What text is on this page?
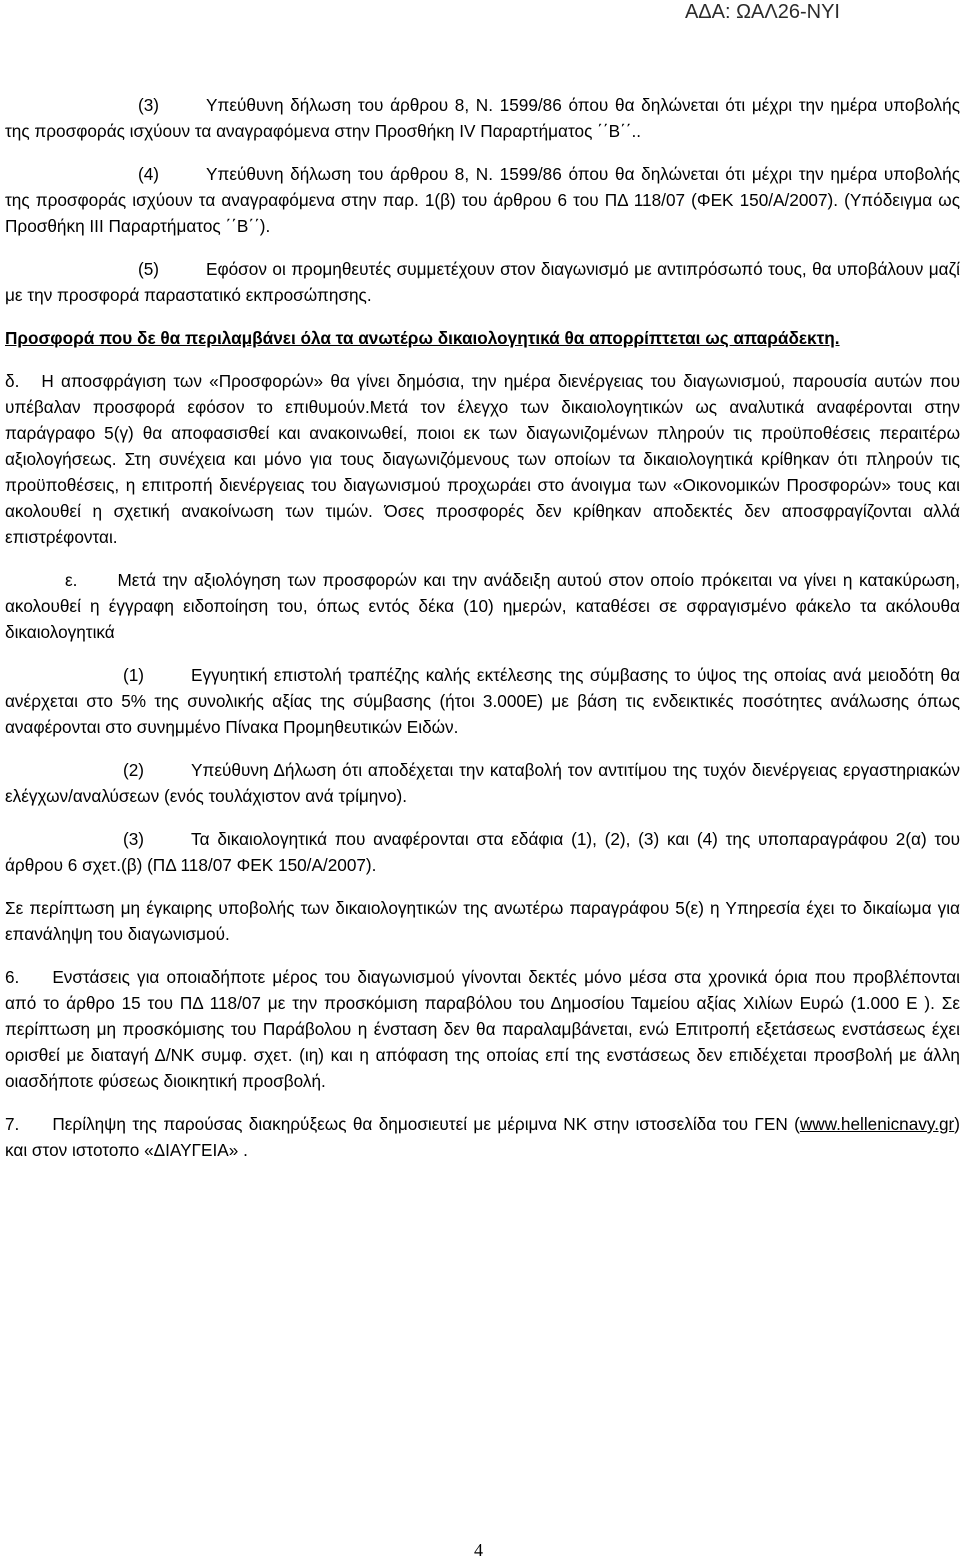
ΑΔΑ: ΩΑΛ26-ΝΥΙ

(3)	Υπεύθυνη δήλωση του άρθρου 8, Ν. 1599/86 όπου θα δηλώνεται ότι μέχρι την ημέρα υποβολής της προσφοράς ισχύουν τα αναγραφόμενα στην Προσθήκη IV Παραρτήματος ΄΄Β΄΄..

(4)	Υπεύθυνη δήλωση του άρθρου 8, Ν. 1599/86 όπου θα δηλώνεται ότι μέχρι την ημέρα υποβολής της προσφοράς ισχύουν τα αναγραφόμενα στην παρ. 1(β) του άρθρου 6 του ΠΔ 118/07 (ΦΕΚ 150/Α/2007). (Υπόδειγμα ως Προσθήκη ΙΙΙ Παραρτήματος ΄΄Β΄΄).

(5)	Εφόσον οι προμηθευτές συμμετέχουν στον διαγωνισμό με αντιπρόσωπό τους, θα υποβάλουν μαζί με την προσφορά παραστατικό εκπροσώπησης.

Προσφορά που δε θα περιλαμβάνει όλα τα ανωτέρω δικαιολογητικά θα απορρίπτεται ως απαράδεκτη.

δ. Η αποσφράγιση των «Προσφορών» θα γίνει δημόσια, την ημέρα διενέργειας του διαγωνισμού, παρουσία αυτών που υπέβαλαν προσφορά εφόσον το επιθυμούν.Μετά τον έλεγχο των δικαιολογητικών ως αναλυτικά αναφέρονται στην παράγραφο 5(γ) θα αποφασισθεί και ανακοινωθεί, ποιοι εκ των διαγωνιζομένων πληρούν τις προϋποθέσεις περαιτέρω αξιολογήσεως. Στη συνέχεια και μόνο για τους διαγωνιζόμενους των οποίων τα δικαιολογητικά κρίθηκαν ότι πληρούν τις προϋποθέσεις, η επιτροπή διενέργειας του διαγωνισμού προχωράει στο άνοιγμα των «Οικονομικών Προσφορών» τους και ακολουθεί η σχετική ανακοίνωση των τιμών. Όσες προσφορές δεν κρίθηκαν αποδεκτές δεν αποσφραγίζονται αλλά επιστρέφονται.

ε. Μετά την αξιολόγηση των προσφορών και την ανάδειξη αυτού στον οποίο πρόκειται να γίνει η κατακύρωση, ακολουθεί η έγγραφη ειδοποίηση του, όπως εντός δέκα (10) ημερών, καταθέσει σε σφραγισμένο φάκελο τα ακόλουθα δικαιολογητικά

(1)	Εγγυητική επιστολή τραπέζης καλής εκτέλεσης της σύμβασης το ύψος της οποίας ανά μειοδότη θα ανέρχεται στο 5% της συνολικής αξίας της σύμβασης (ήτοι 3.000Ε) με βάση τις ενδεικτικές ποσότητες ανάλωσης όπως αναφέρονται στο συνημμένο Πίνακα Προμηθευτικών Ειδών.

(2)	Υπεύθυνη Δήλωση ότι αποδέχεται την καταβολή τον αντιτίμου της τυχόν διενέργειας εργαστηριακών ελέγχων/αναλύσεων (ενός τουλάχιστον ανά τρίμηνο).

(3)	Τα δικαιολογητικά που αναφέρονται στα εδάφια (1), (2), (3) και (4) της υποπαραγράφου 2(α) του άρθρου 6 σχετ.(β) (ΠΔ 118/07 ΦΕΚ 150/Α/2007).

Σε περίπτωση μη έγκαιρης υποβολής των δικαιολογητικών της ανωτέρω παραγράφου 5(ε) η Υπηρεσία έχει το δικαίωμα για επανάληψη του διαγωνισμού.

6. Ενστάσεις για οποιαδήποτε μέρος του διαγωνισμού γίνονται δεκτές μόνο μέσα στα χρονικά όρια που προβλέπονται από το άρθρο 15 του ΠΔ 118/07 με την προσκόμιση παραβόλου του Δημοσίου Ταμείου αξίας Χιλίων Ευρώ (1.000 Ε ). Σε περίπτωση μη προσκόμισης του Παράβολου η ένσταση δεν θα παραλαμβάνεται, ενώ Επιτροπή εξετάσεως ενστάσεως έχει ορισθεί με διαταγή Δ/ΝΚ συμφ. σχετ. (ιη) και η απόφαση της οποίας επί της ενστάσεως δεν επιδέχεται προσβολή με άλλη οιασδήποτε φύσεως διοικητική προσβολή.

7. Περίληψη της παρούσας διακηρύξεως θα δημοσιευτεί με μέριμνα ΝΚ στην ιστοσελίδα του ΓΕΝ (www.hellenicnavy.gr) και στον ιστοτοπο «ΔΙΑΥΓΕΙΑ» .

4
